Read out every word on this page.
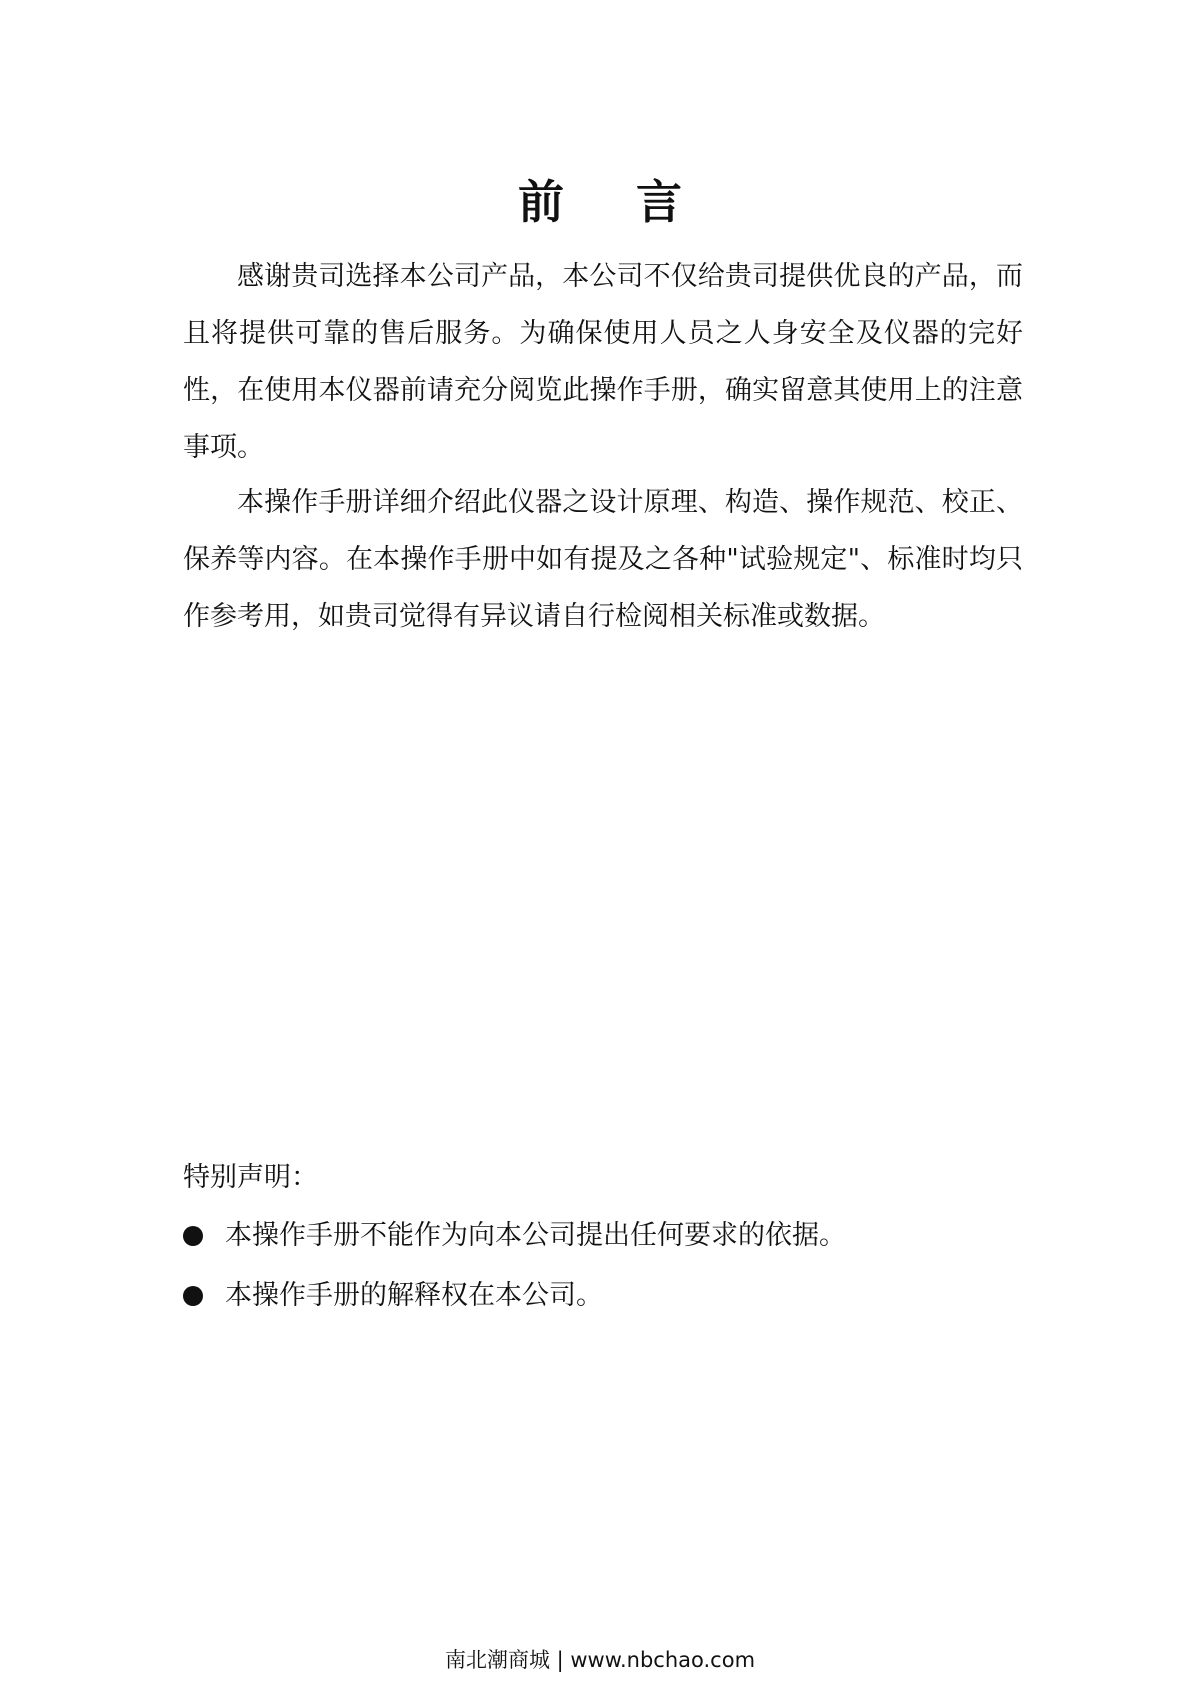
前言

感谢贵司选择本公司产品，本公司不仅给贵司提供优良的产品，而且将提供可靠的售后服务。为确保使用人员之人身安全及仪器的完好性，在使用本仪器前请充分阅览此操作手册，确实留意其使用上的注意事项。

本操作手册详细介绍此仪器之设计原理、构造、操作规范、校正、保养等内容。在本操作手册中如有提及之各种"试验规定"、标准时均只作参考用，如贵司觉得有异议请自行检阅相关标准或数据。

特别声明：

本操作手册不能作为向本公司提出任何要求的依据。
本操作手册的解释权在本公司。
南北潮商城 | www.nbchao.com
